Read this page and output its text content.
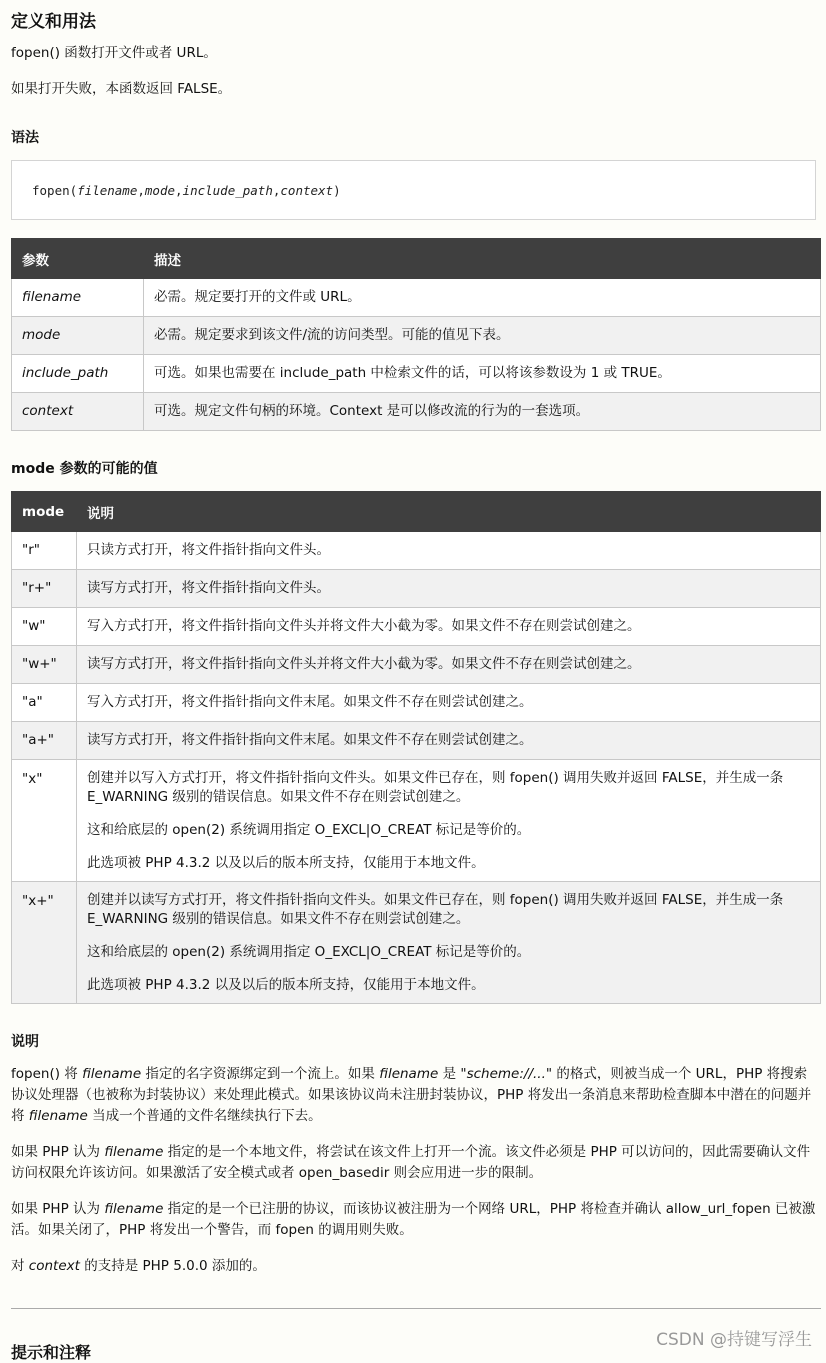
定义和用法

fopen() 函数打开文件或者 URL。

如果打开失败，本函数返回 FALSE。

语法
fopen(filename,mode,include_path,context)
参数	描述
filename	必需。规定要打开的文件或 URL。
mode	必需。规定要求到该文件/流的访问类型。可能的值见下表。
include_path	可选。如果也需要在 include_path 中检索文件的话，可以将该参数设为 1 或 TRUE。
context	可选。规定文件句柄的环境。Context 是可以修改流的行为的一套选项。
mode 参数的可能的值
mode	说明
"r"	只读方式打开，将文件指针指向文件头。
"r+"	读写方式打开，将文件指针指向文件头。
"w"	写入方式打开，将文件指针指向文件头并将文件大小截为零。如果文件不存在则尝试创建之。
"w+"	读写方式打开，将文件指针指向文件头并将文件大小截为零。如果文件不存在则尝试创建之。
"a"	写入方式打开，将文件指针指向文件末尾。如果文件不存在则尝试创建之。
"a+"	读写方式打开，将文件指针指向文件末尾。如果文件不存在则尝试创建之。
"x"	创建并以写入方式打开，将文件指针指向文件头。如果文件已存在，则 fopen() 调用失败并返回 FALSE，并生成一条 E_WARNING 级别的错误信息。如果文件不存在则尝试创建之。

这和给底层的 open(2) 系统调用指定 O_EXCL|O_CREAT 标记是等价的。

此选项被 PHP 4.3.2 以及以后的版本所支持，仅能用于本地文件。

"x+"	创建并以读写方式打开，将文件指针指向文件头。如果文件已存在，则 fopen() 调用失败并返回 FALSE，并生成一条 E_WARNING 级别的错误信息。如果文件不存在则尝试创建之。

这和给底层的 open(2) 系统调用指定 O_EXCL|O_CREAT 标记是等价的。

此选项被 PHP 4.3.2 以及以后的版本所支持，仅能用于本地文件。

说明

fopen() 将 filename 指定的名字资源绑定到一个流上。如果 filename 是 "scheme://..." 的格式，则被当成一个 URL，PHP 将搜索协议处理器（也被称为封装协议）来处理此模式。如果该协议尚未注册封装协议，PHP 将发出一条消息来帮助检查脚本中潜在的问题并将 filename 当成一个普通的文件名继续执行下去。

如果 PHP 认为 filename 指定的是一个本地文件，将尝试在该文件上打开一个流。该文件必须是 PHP 可以访问的，因此需要确认文件访问权限允许该访问。如果激活了安全模式或者 open_basedir 则会应用进一步的限制。

如果 PHP 认为 filename 指定的是一个已注册的协议，而该协议被注册为一个网络 URL，PHP 将检查并确认 allow_url_fopen 已被激活。如果关闭了，PHP 将发出一个警告，而 fopen 的调用则失败。

对 context 的支持是 PHP 5.0.0 添加的。

提示和注释
CSDN @持键写浮生
